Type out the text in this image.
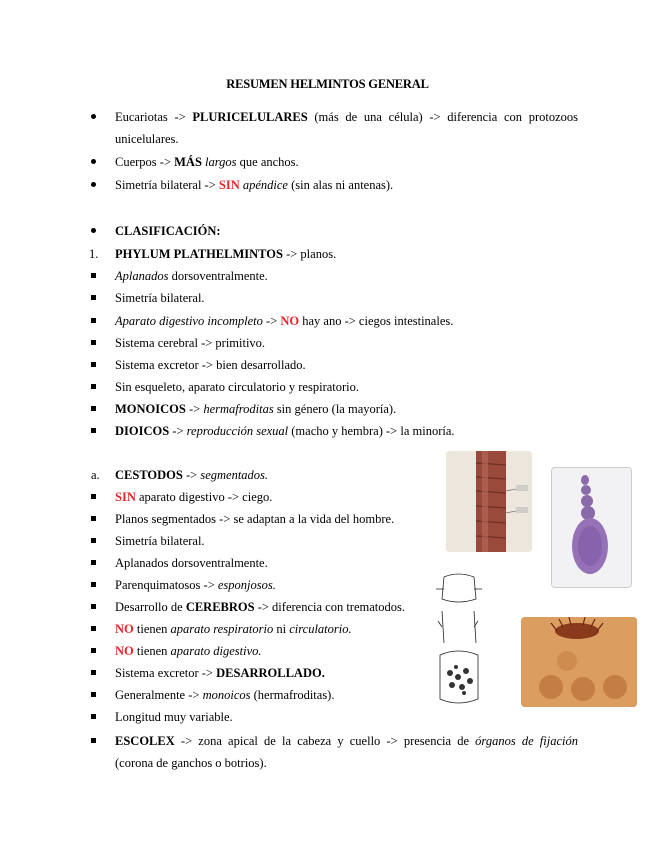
RESUMEN HELMINTOS GENERAL
Eucariotas -> PLURICELULARES (más de una célula) -> diferencia con protozoos
unicelulares.
Cuerpos -> MÁS largos que anchos.
Simetría bilateral -> SIN apéndice (sin alas ni antenas).
CLASIFICACIÓN:
1.	PHYLUM PLATHELMINTOS -> planos.
Aplanados dorsoventralmente.
Simetría bilateral.
Aparato digestivo incompleto -> NO hay ano -> ciegos intestinales.
Sistema cerebral -> primitivo.
Sistema excretor -> bien desarrollado.
Sin esqueleto, aparato circulatorio y respiratorio.
MONOICOS -> hermafroditas sin género (la mayoría).
DIOICOS -> reproducción sexual (macho y hembra) -> la minoría.
a.	CESTODOS -> segmentados.
SIN aparato digestivo -> ciego.
Planos segmentados -> se adaptan a la vida del hombre.
Simetría bilateral.
Aplanados dorsoventralmente.
Parenquimatosos -> esponjosos.
Desarrollo de CEREBROS -> diferencia con trematodos.
NO tienen aparato respiratorio ni circulatorio.
NO tienen aparato digestivo.
Sistema excretor -> DESARROLLADO.
Generalmente -> monoicos (hermafroditas).
Longitud muy variable.
ESCOLEX -> zona apical de la cabeza y cuello -> presencia de órganos de fijación
(corona de ganchos o botrios).
